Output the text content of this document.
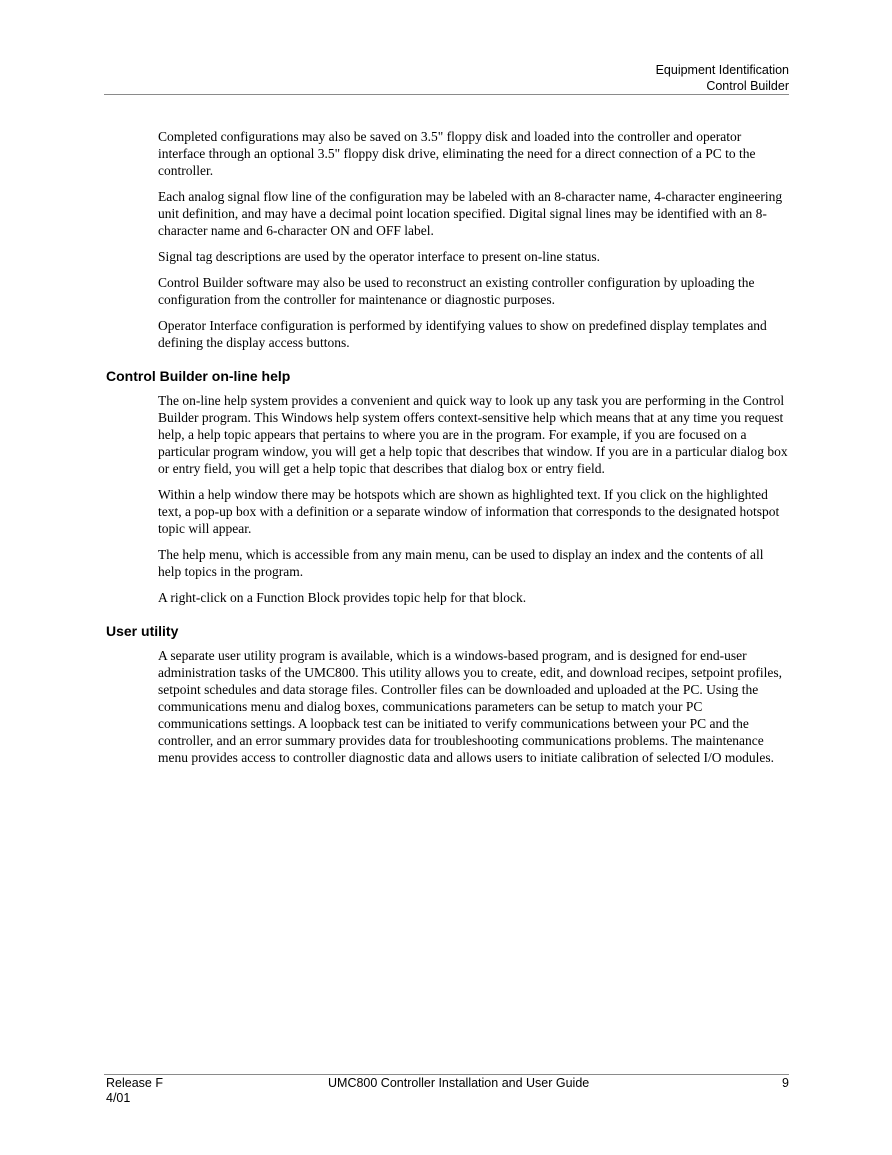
Equipment Identification
Control Builder

Completed configurations may also be saved on 3.5" floppy disk and loaded into the controller and operator interface through an optional 3.5" floppy disk drive, eliminating the need for a direct connection of a PC to the controller.

Each analog signal flow line of the configuration may be labeled with an 8-character name, 4-character engineering unit definition, and may have a decimal point location specified. Digital signal lines may be identified with an 8-character name and 6-character ON and OFF label.

Signal tag descriptions are used by the operator interface to present on-line status.

Control Builder software may also be used to reconstruct an existing controller configuration by uploading the configuration from the controller for maintenance or diagnostic purposes.

Operator Interface configuration is performed by identifying values to show on predefined display templates and defining the display access buttons.

Control Builder on-line help

The on-line help system provides a convenient and quick way to look up any task you are performing in the Control Builder program. This Windows help system offers context-sensitive help which means that at any time you request help, a help topic appears that pertains to where you are in the program. For example, if you are focused on a particular program window, you will get a help topic that describes that window. If you are in a particular dialog box or entry field, you will get a help topic that describes that dialog box or entry field.

Within a help window there may be hotspots which are shown as highlighted text. If you click on the highlighted text, a pop-up box with a definition or a separate window of information that corresponds to the designated hotspot topic will appear.

The help menu, which is accessible from any main menu, can be used to display an index and the contents of all help topics in the program.

A right-click on a Function Block provides topic help for that block.

User utility

A separate user utility program is available, which is a windows-based program, and is designed for end-user administration tasks of the UMC800. This utility allows you to create, edit, and download recipes, setpoint profiles, setpoint schedules and data storage files. Controller files can be downloaded and uploaded at the PC. Using the communications menu and dialog boxes, communications parameters can be setup to match your PC communications settings. A loopback test can be initiated to verify communications between your PC and the controller, and an error summary provides data for troubleshooting communications problems. The maintenance menu provides access to controller diagnostic data and allows users to initiate calibration of selected I/O modules.

Release F
4/01
UMC800 Controller Installation and User Guide	9
